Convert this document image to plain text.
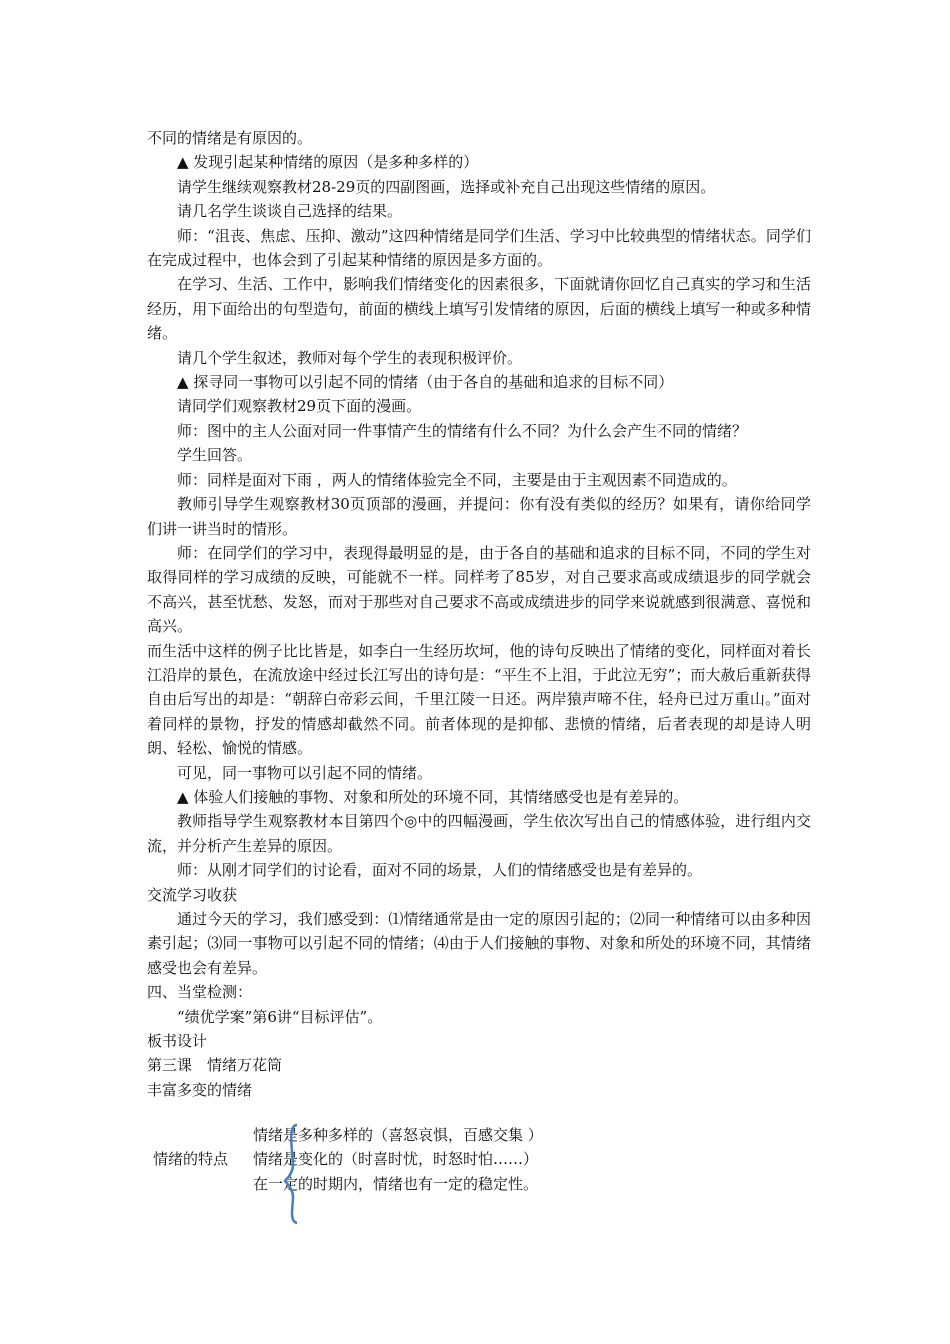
不同的情绪是有原因的。

▲ 发现引起某种情绪的原因（是多种多样的）

请学生继续观察教材28-29页的四副图画，选择或补充自己出现这些情绪的原因。

请几名学生谈谈自己选择的结果。

师：“沮丧、焦虑、压抑、激动”这四种情绪是同学们生活、学习中比较典型的情绪状态。同学们在完成过程中，也体会到了引起某种情绪的原因是多方面的。

在学习、生活、工作中，影响我们情绪变化的因素很多，下面就请你回忆自己真实的学习和生活经历，用下面给出的句型造句，前面的横线上填写引发情绪的原因，后面的横线上填写一种或多种情绪。

请几个学生叙述，教师对每个学生的表现积极评价。

▲ 探寻同一事物可以引起不同的情绪（由于各自的基础和追求的目标不同）

请同学们观察教材29页下面的漫画。

师：图中的主人公面对同一件事情产生的情绪有什么不同？为什么会产生不同的情绪？

学生回答。

师：同样是面对下雨 ，两人的情绪体验完全不同，主要是由于主观因素不同造成的。

教师引导学生观察教材30页顶部的漫画，并提问：你有没有类似的经历？如果有，请你给同学们讲一讲当时的情形。

师：在同学们的学习中，表现得最明显的是，由于各自的基础和追求的目标不同，不同的学生对取得同样的学习成绩的反映，可能就不一样。同样考了85岁，对自己要求高或成绩退步的同学就会不高兴，甚至忧愁、发怒，而对于那些对自己要求不高或成绩进步的同学来说就感到很满意、喜悦和高兴。

而生活中这样的例子比比皆是，如李白一生经历坎坷，他的诗句反映出了情绪的变化，同样面对着长江沿岸的景色，在流放途中经过长江写出的诗句是：“平生不上泪，于此泣无穷”；而大赦后重新获得自由后写出的却是：“朝辞白帝彩云间，千里江陵一日还。两岸猿声啼不住，轻舟已过万重山。”面对着同样的景物，抒发的情感却截然不同。前者体现的是抑郁、悲愤的情绪，后者表现的却是诗人明朗、轻松、愉悦的情感。

可见，同一事物可以引起不同的情绪。

▲ 体验人们接触的事物、对象和所处的环境不同，其情绪感受也是有差异的。

教师指导学生观察教材本目第四个◎中的四幅漫画，学生依次写出自己的情感体验，进行组内交流，并分析产生差异的原因。

师：从刚才同学们的讨论看，面对不同的场景，人们的情绪感受也是有差异的。

交流学习收获

通过今天的学习，我们感受到：⑴情绪通常是由一定的原因引起的；⑵同一种情绪可以由多种因素引起；⑶同一事物可以引起不同的情绪；⑷由于人们接触的事物、对象和所处的环境不同，其情绪感受也会有差异。

四、当堂检测：

“绩优学案”第6讲“目标评估”。

板书设计

第三课　情绪万花筒

丰富多变的情绪

情绪的特点
情绪是多种多样的（喜怒哀惧，百感交集 ）
情绪是变化的（时喜时忧，时怒时怕……）
在一定的时期内，情绪也有一定的稳定性。
